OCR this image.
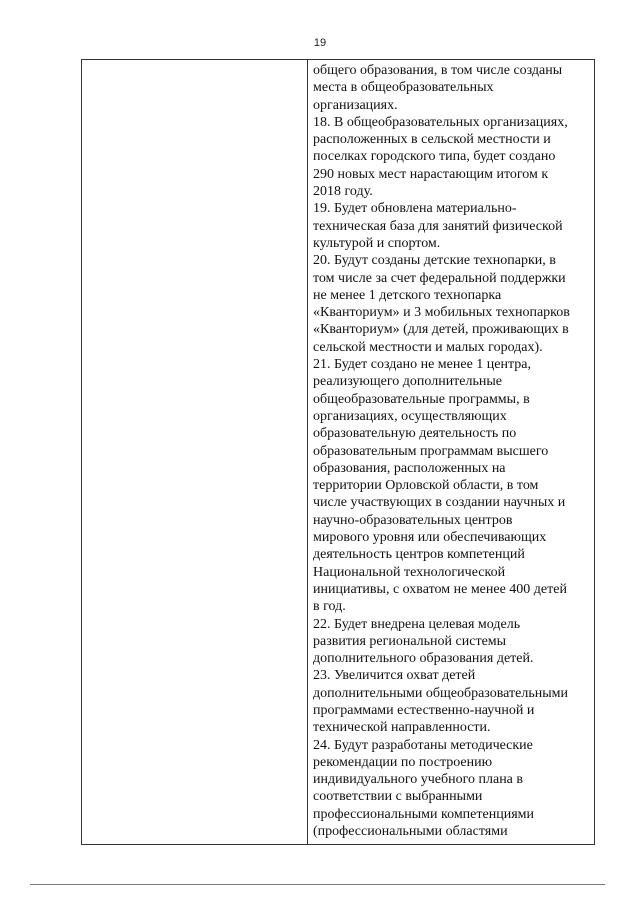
19
общего образования, в том числе созданы
места в общеобразовательных
организациях.
18. В общеобразовательных организациях,
расположенных в сельской местности и
поселках городского типа, будет создано
290 новых мест нарастающим итогом к
2018 году.
19. Будет обновлена материально-
техническая база для занятий физической
культурой и спортом.
20. Будут созданы детские технопарки, в
том числе за счет федеральной поддержки
не менее 1 детского технопарка
«Кванториум» и 3 мобильных технопарков
«Кванториум» (для детей, проживающих в
сельской местности и малых городах).
21. Будет создано не менее 1 центра,
реализующего дополнительные
общеобразовательные программы, в
организациях, осуществляющих
образовательную деятельность по
образовательным программам высшего
образования, расположенных на
территории Орловской области, в том
числе участвующих в создании научных и
научно-образовательных центров
мирового уровня или обеспечивающих
деятельность центров компетенций
Национальной технологической
инициативы, с охватом не менее 400 детей
в год.
22. Будет внедрена целевая модель
развития региональной системы
дополнительного образования детей.
23. Увеличится охват детей
дополнительными общеобразовательными
программами естественно-научной и
технической направленности.
24. Будут разработаны методические
рекомендации по построению
индивидуального учебного плана в
соответствии с выбранными
профессиональными компетенциями
(профессиональными областями
